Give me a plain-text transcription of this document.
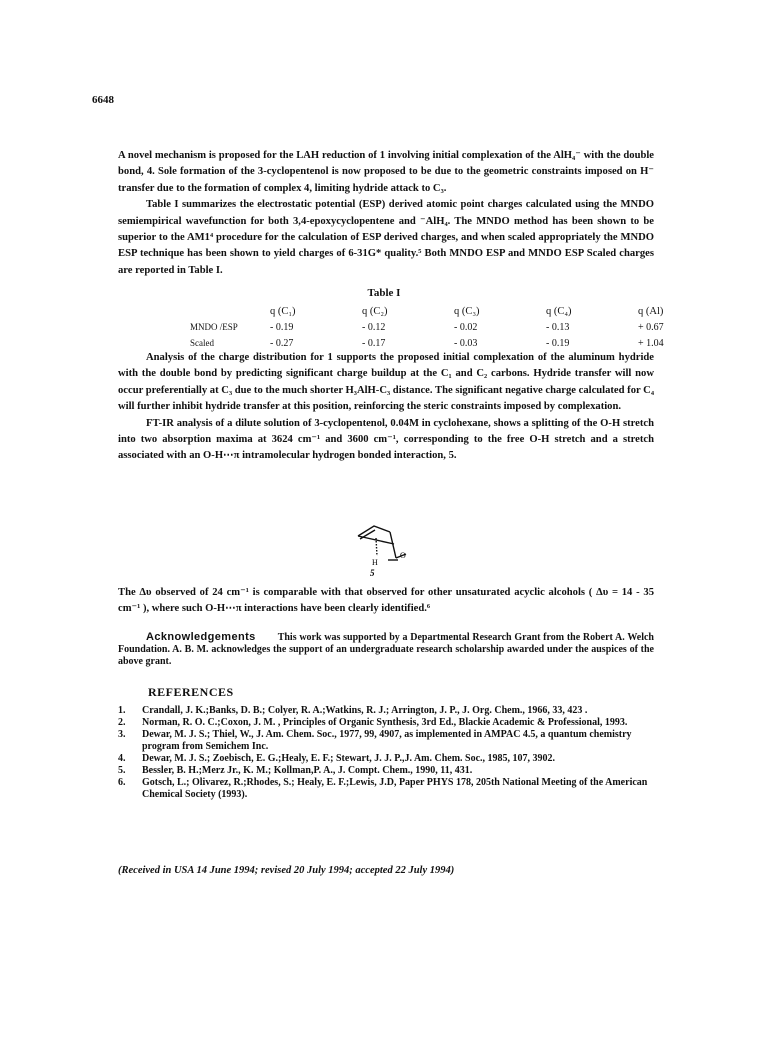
6648

A novel mechanism is proposed for the LAH reduction of 1 involving initial complexation of the AlH₄⁻ with the double bond, 4. Sole formation of the 3-cyclopentenol is now proposed to be due to the geometric constraints imposed on H⁻ transfer due to the formation of complex 4, limiting hydride attack to C₃.

Table I summarizes the electrostatic potential (ESP) derived atomic point charges calculated using the MNDO semiempirical wavefunction for both 3,4-epoxycyclopentene and ⁻AlH₄. The MNDO method has been shown to be superior to the AM1⁴ procedure for the calculation of ESP derived charges, and when scaled appropriately the MNDO ESP technique has been shown to yield charges of 6-31G* quality.⁵ Both MNDO ESP and MNDO ESP Scaled charges are reported in Table I.

Table I
	q (C₁)	q (C₂)	q (C₃)	q (C₄)	q (Al)
MNDO /ESP	- 0.19	- 0.12	- 0.02	- 0.13	+ 0.67
Scaled	- 0.27	- 0.17	- 0.03	- 0.19	+ 1.04

Analysis of the charge distribution for 1 supports the proposed initial complexation of the aluminum hydride with the double bond by predicting significant charge buildup at the C₁ and C₂ carbons. Hydride transfer will now occur preferentially at C₃ due to the much shorter H₃AlH-C₃ distance. The significant negative charge calculated for C₄ will further inhibit hydride transfer at this position, reinforcing the steric constraints imposed by complexation.

FT-IR analysis of a dilute solution of 3-cyclopentenol, 0.04M in cyclohexane, shows a splitting of the O-H stretch into two absorption maxima at 3624 cm⁻¹ and 3600 cm⁻¹, corresponding to the free O-H stretch and a stretch associated with an O-H⋯π intramolecular hydrogen bonded interaction, 5.

H
O
5

The Δυ observed of 24 cm⁻¹ is comparable with that observed for other unsaturated acyclic alcohols ( Δυ = 14 - 35 cm⁻¹ ), where such O-H⋯π interactions have been clearly identified.⁶

Acknowledgements This work was supported by a Departmental Research Grant from the Robert A. Welch Foundation. A. B. M. acknowledges the support of an undergraduate research scholarship awarded under the auspices of the above grant.
REFERENCES
1.	Crandall, J. K.;Banks, D. B.; Colyer, R. A.;Watkins, R. J.; Arrington, J. P., J. Org. Chem., 1966, 33, 423 .
2.	Norman, R. O. C.;Coxon, J. M. , Principles of Organic Synthesis, 3rd Ed., Blackie Academic & Professional, 1993.
3.	Dewar, M. J. S.; Thiel, W., J. Am. Chem. Soc., 1977, 99, 4907, as implemented in AMPAC 4.5, a quantum chemistry program from Semichem Inc.
4.	Dewar, M. J. S.; Zoebisch, E. G.;Healy, E. F.; Stewart, J. J. P.,J. Am. Chem. Soc., 1985, 107, 3902.
5.	Bessler, B. H.;Merz Jr., K. M.; Kollman,P. A., J. Compt. Chem., 1990, 11, 431.
6.	Gotsch, L.; Olivarez, R.;Rhodes, S.; Healy, E. F.;Lewis, J.D, Paper PHYS 178, 205th National Meeting of the American Chemical Society (1993).
(Received in USA 14 June 1994; revised 20 July 1994; accepted 22 July 1994)
